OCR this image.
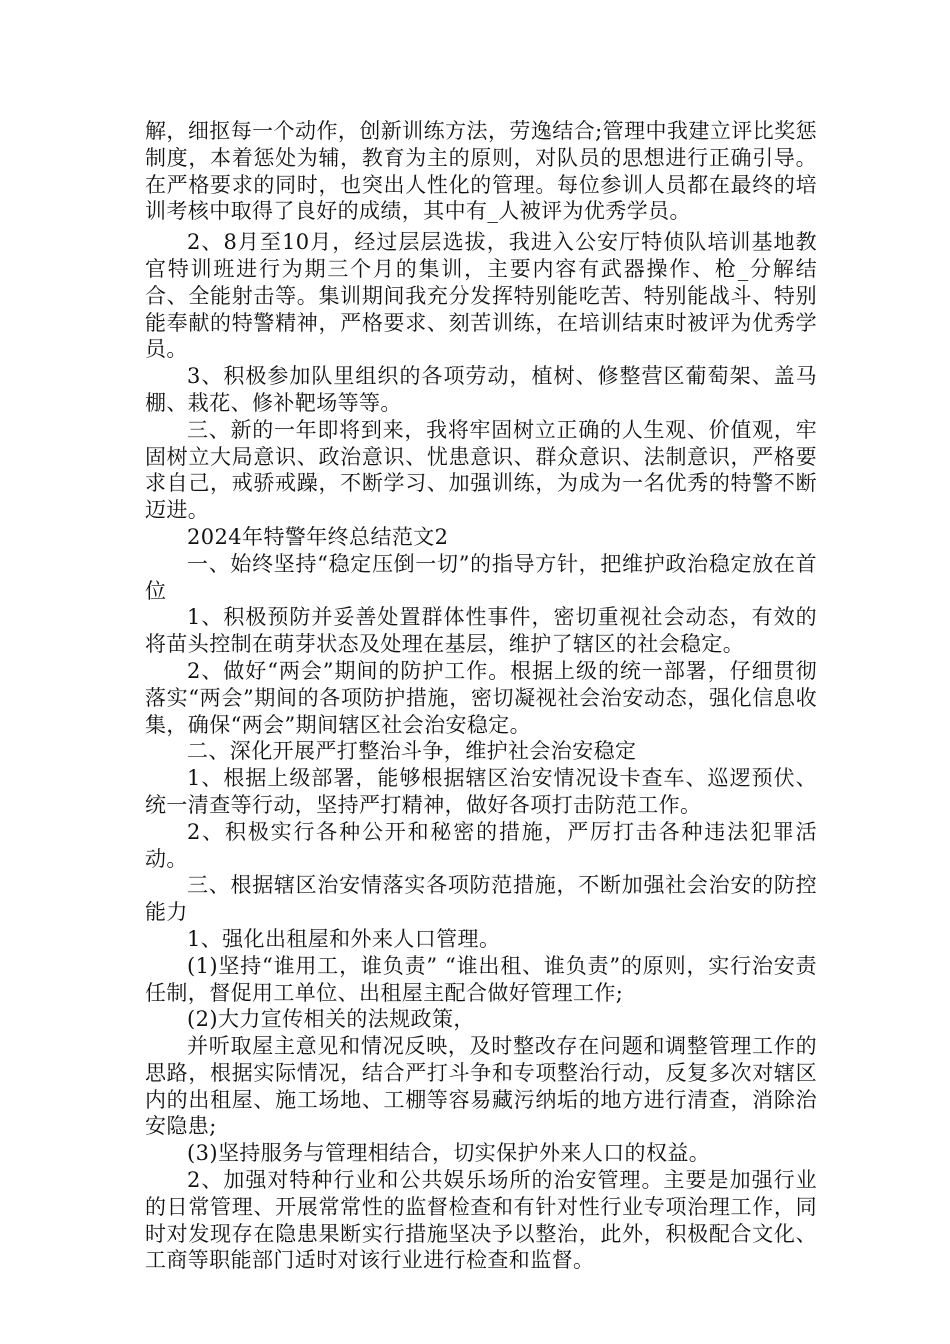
解，细抠每一个动作，创新训练方法，劳逸结合;管理中我建立评比奖惩制度，本着惩处为辅，教育为主的原则，对队员的思想进行正确引导。在严格要求的同时，也突出人性化的管理。每位参训人员都在最终的培训考核中取得了良好的成绩，其中有_人被评为优秀学员。

2、8月至10月，经过层层选拔，我进入公安厅特侦队培训基地教官特训班进行为期三个月的集训，主要内容有武器操作、枪_分解结合、全能射击等。集训期间我充分发挥特别能吃苦、特别能战斗、特别能奉献的特警精神，严格要求、刻苦训练，在培训结束时被评为优秀学员。

3、积极参加队里组织的各项劳动，植树、修整营区葡萄架、盖马棚、栽花、修补靶场等等。

三、新的一年即将到来，我将牢固树立正确的人生观、价值观，牢固树立大局意识、政治意识、忧患意识、群众意识、法制意识，严格要求自己，戒骄戒躁，不断学习、加强训练，为成为一名优秀的特警不断迈进。

2024年特警年终总结范文2

一、始终坚持“稳定压倒一切”的指导方针，把维护政治稳定放在首位

1、积极预防并妥善处置群体性事件，密切重视社会动态，有效的将苗头控制在萌芽状态及处理在基层，维护了辖区的社会稳定。

2、做好“两会”期间的防护工作。根据上级的统一部署，仔细贯彻落实“两会”期间的各项防护措施，密切凝视社会治安动态，强化信息收集，确保“两会”期间辖区社会治安稳定。

二、深化开展严打整治斗争，维护社会治安稳定

1、根据上级部署，能够根据辖区治安情况设卡查车、巡逻预伏、统一清查等行动，坚持严打精神，做好各项打击防范工作。

2、积极实行各种公开和秘密的措施，严厉打击各种违法犯罪活动。

三、根据辖区治安情落实各项防范措施，不断加强社会治安的防控能力

1、强化出租屋和外来人口管理。

(1)坚持“谁用工，谁负责” “谁出租、谁负责”的原则，实行治安责任制，督促用工单位、出租屋主配合做好管理工作;

(2)大力宣传相关的法规政策，

并听取屋主意见和情况反映，及时整改存在问题和调整管理工作的思路，根据实际情况，结合严打斗争和专项整治行动，反复多次对辖区内的出租屋、施工场地、工棚等容易藏污纳垢的地方进行清查，消除治安隐患;

(3)坚持服务与管理相结合，切实保护外来人口的权益。

2、加强对特种行业和公共娱乐场所的治安管理。主要是加强行业的日常管理、开展常常性的监督检查和有针对性行业专项治理工作，同时对发现存在隐患果断实行措施坚决予以整治，此外，积极配合文化、工商等职能部门适时对该行业进行检查和监督。
